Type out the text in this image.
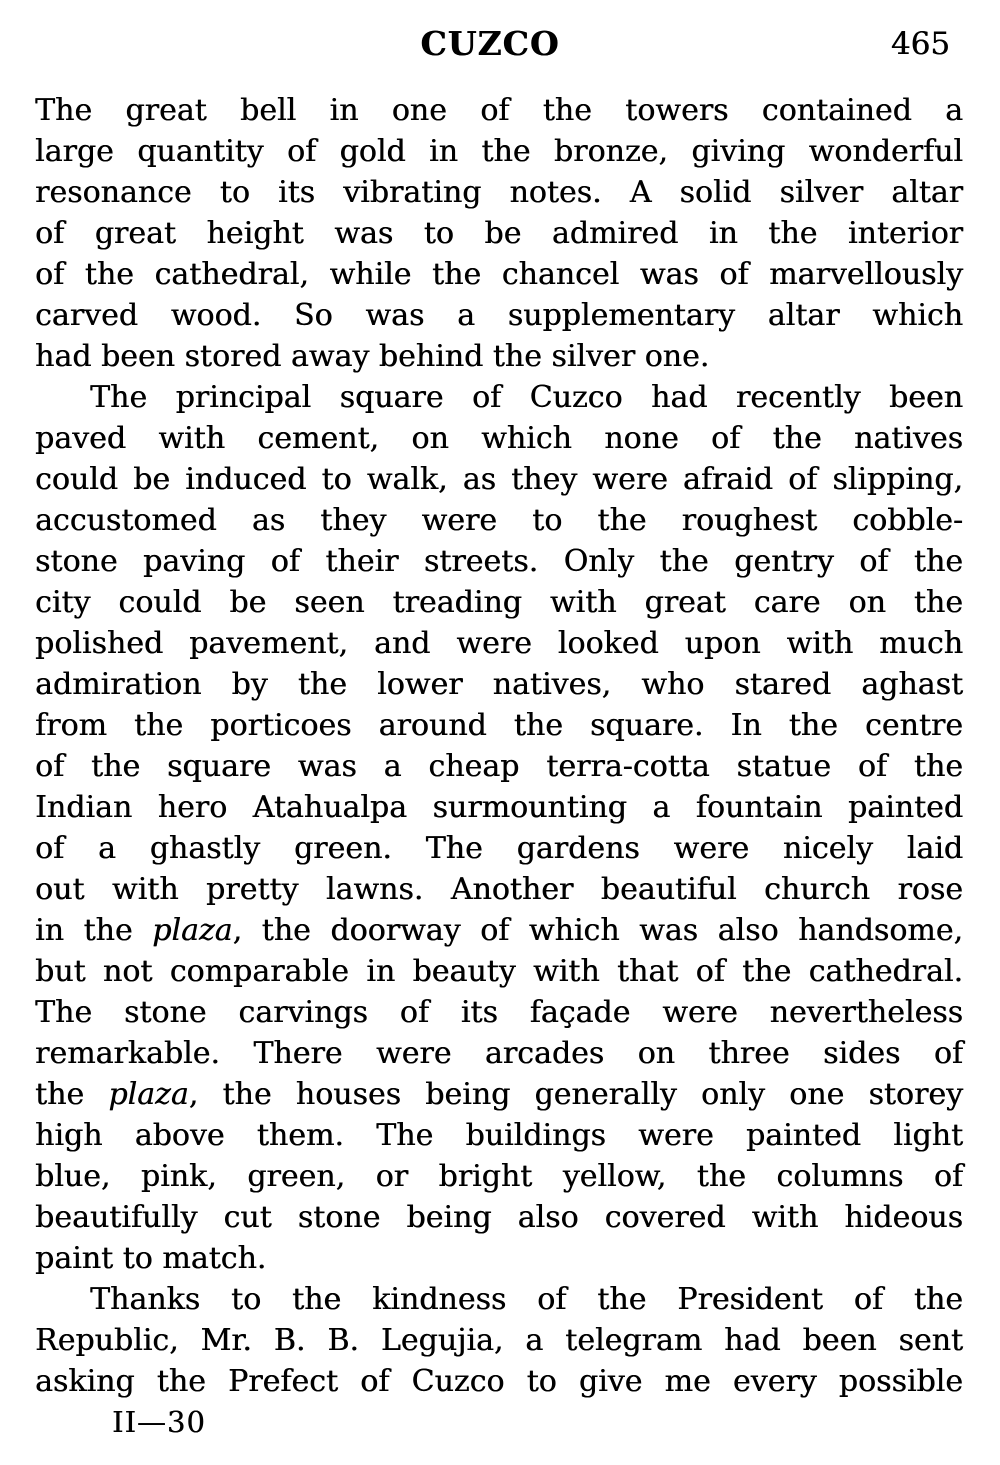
CUZCO	465
The great bell in one of the towers contained a
large quantity of gold in the bronze, giving wonderful
resonance to its vibrating notes. A solid silver altar
of great height was to be admired in the interior
of the cathedral, while the chancel was of marvellously
carved wood. So was a supplementary altar which
had been stored away behind the silver one.
The principal square of Cuzco had recently been
paved with cement, on which none of the natives
could be induced to walk, as they were afraid of slipping,
accustomed as they were to the roughest cobble-
stone paving of their streets. Only the gentry of the
city could be seen treading with great care on the
polished pavement, and were looked upon with much
admiration by the lower natives, who stared aghast
from the porticoes around the square. In the centre
of the square was a cheap terra-cotta statue of the
Indian hero Atahualpa surmounting a fountain painted
of a ghastly green. The gardens were nicely laid
out with pretty lawns. Another beautiful church rose
in the plaza, the doorway of which was also handsome,
but not comparable in beauty with that of the cathedral.
The stone carvings of its façade were nevertheless
remarkable. There were arcades on three sides of
the plaza, the houses being generally only one storey
high above them. The buildings were painted light
blue, pink, green, or bright yellow, the columns of
beautifully cut stone being also covered with hideous
paint to match.
Thanks to the kindness of the President of the
Republic, Mr. B. B. Legujia, a telegram had been sent
asking the Prefect of Cuzco to give me every possible
II—30
